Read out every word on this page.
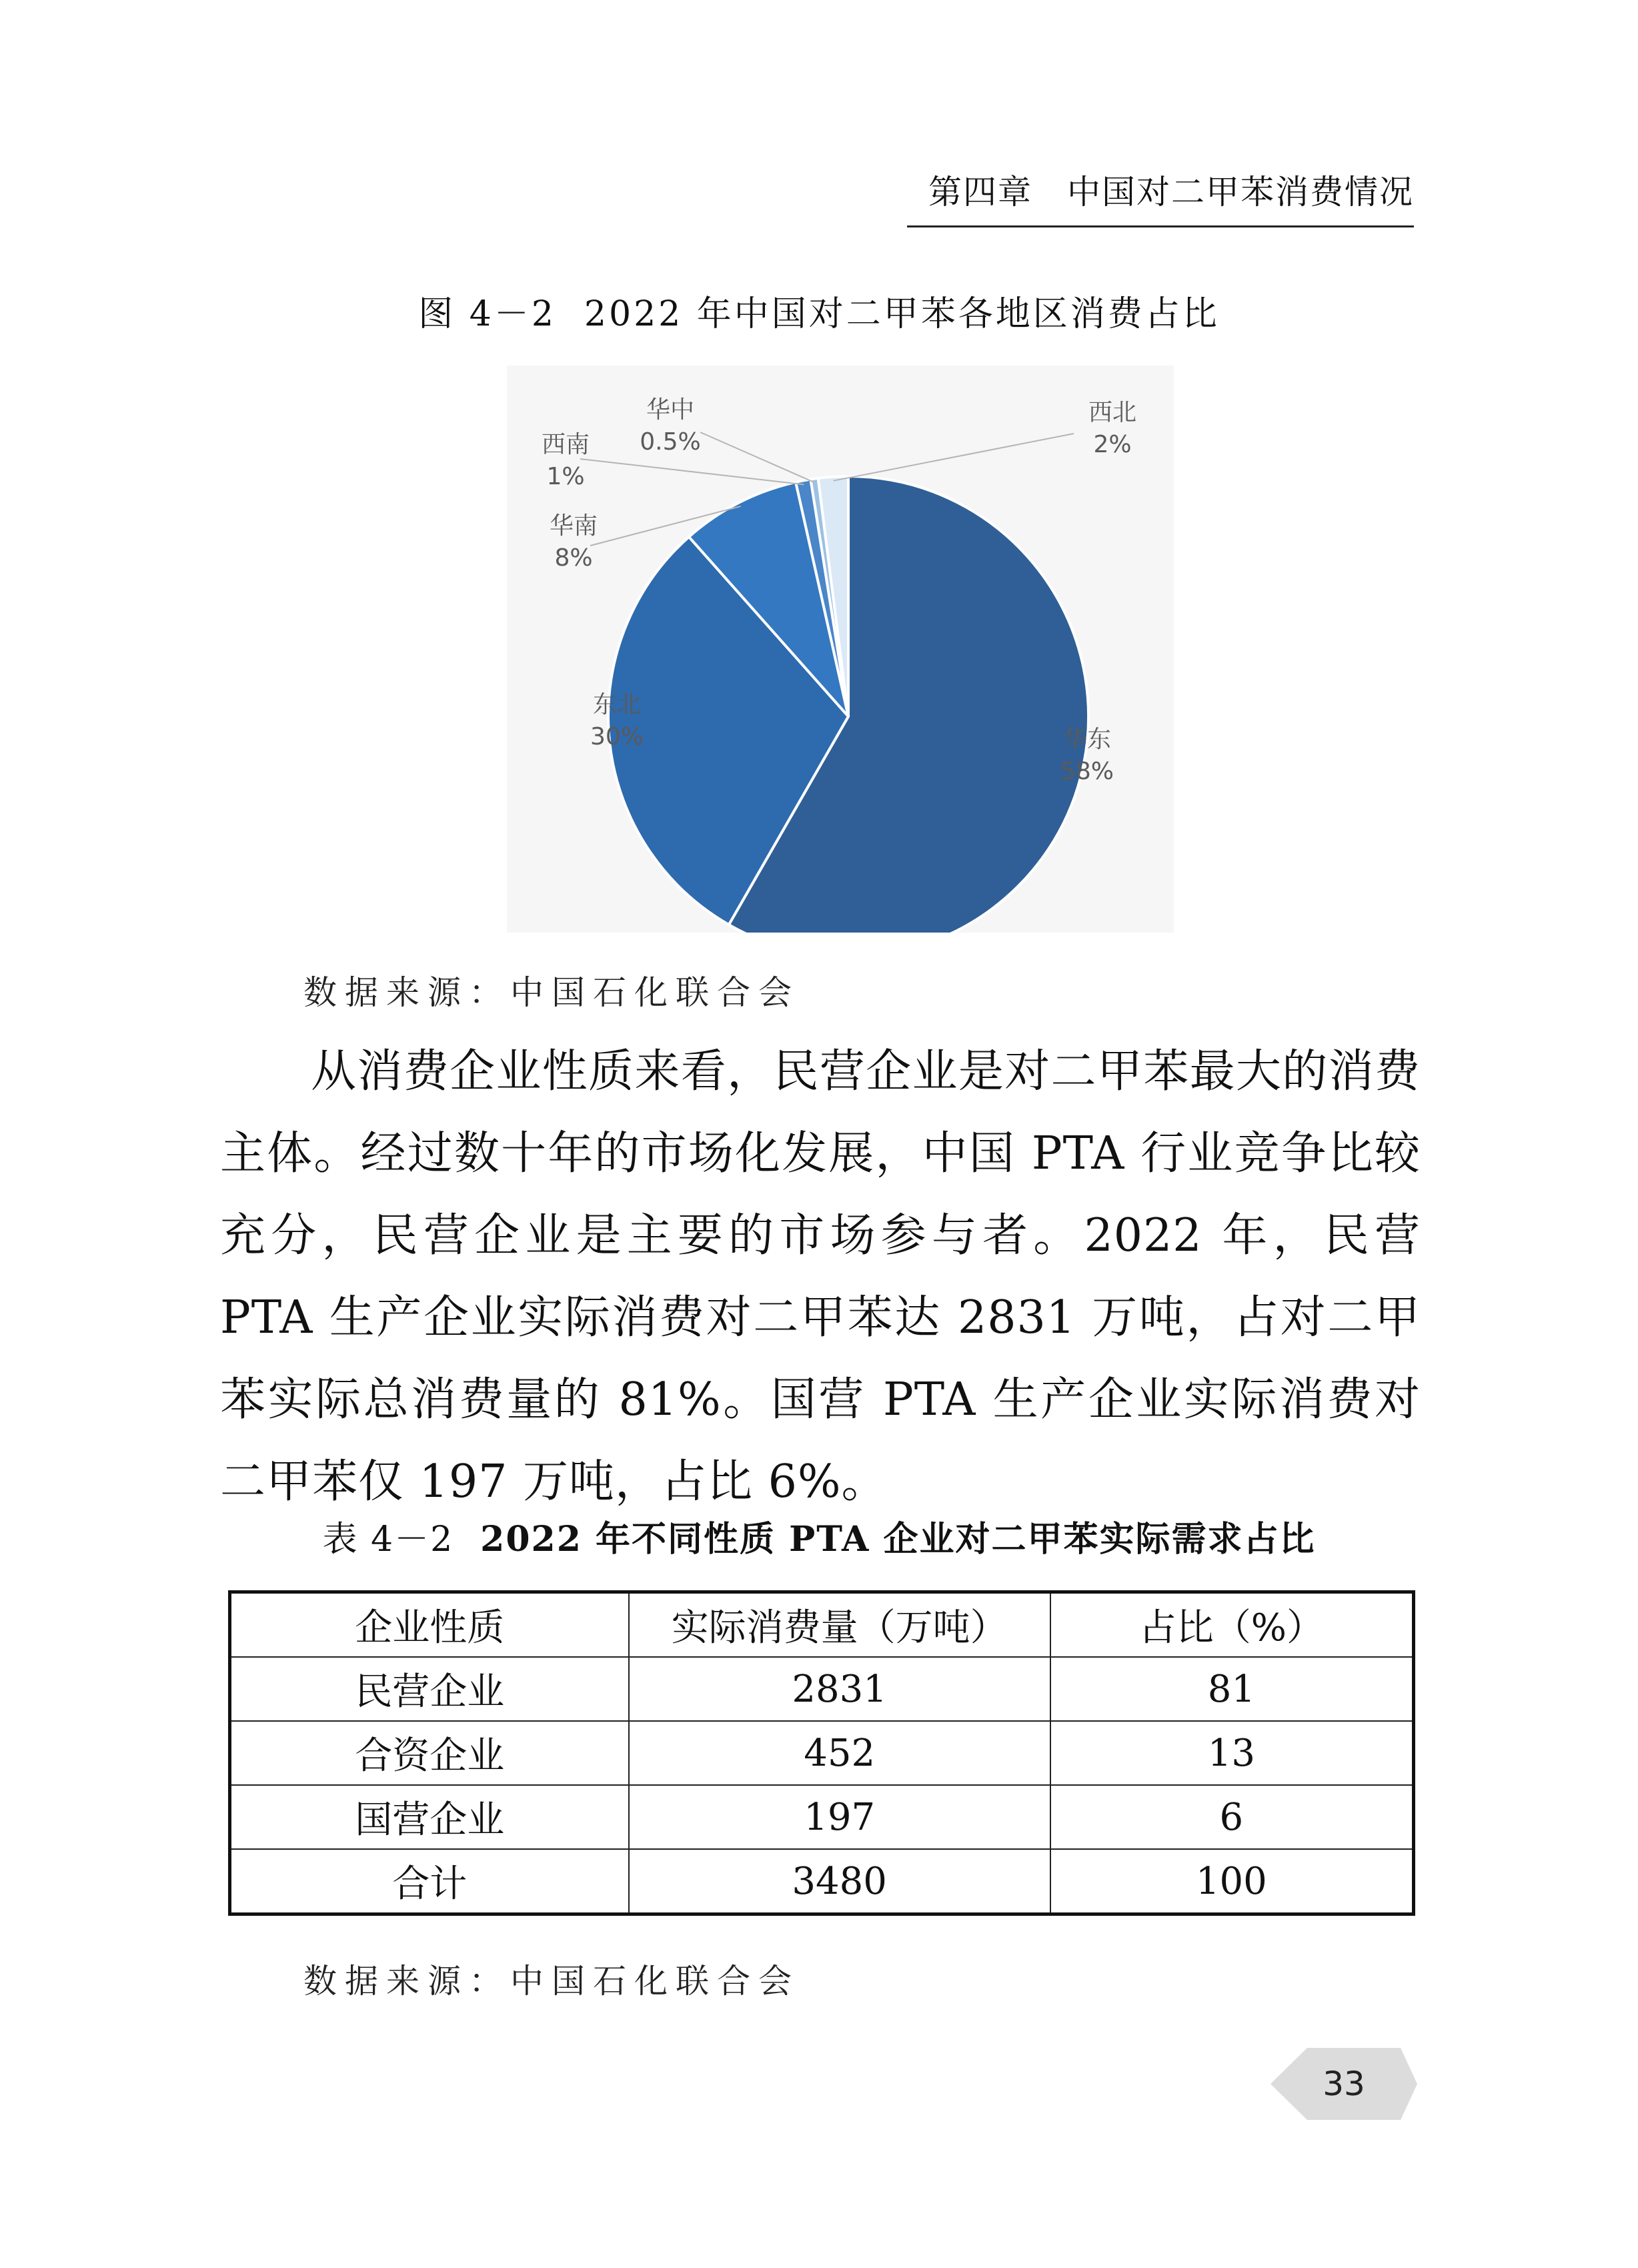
第四章　中国对二甲苯消费情况
图 4－2 2022 年中国对二甲苯各地区消费占比
华东
58%
东北
30%
华南
8%
西南
1%
华中
0.5%
西北
2%
数据来源：中国石化联合会

从消费企业性质来看，民营企业是对二甲苯最大的消费主体。经过数十年的市场化发展，中国 PTA 行业竞争比较充分，民营企业是主要的市场参与者。2022 年，民营 PTA 生产企业实际消费对二甲苯达 2831 万吨，占对二甲苯实际总消费量的 81%。国营 PTA 生产企业实际消费对二甲苯仅 197 万吨，占比 6%。

表 4－2 2022 年不同性质 PTA 企业对二甲苯实际需求占比
企业性质	实际消费量（万吨）	占比（%）
民营企业	2831	81
合资企业	452	13
国营企业	197	6
合计	3480	100
数据来源：中国石化联合会
33
